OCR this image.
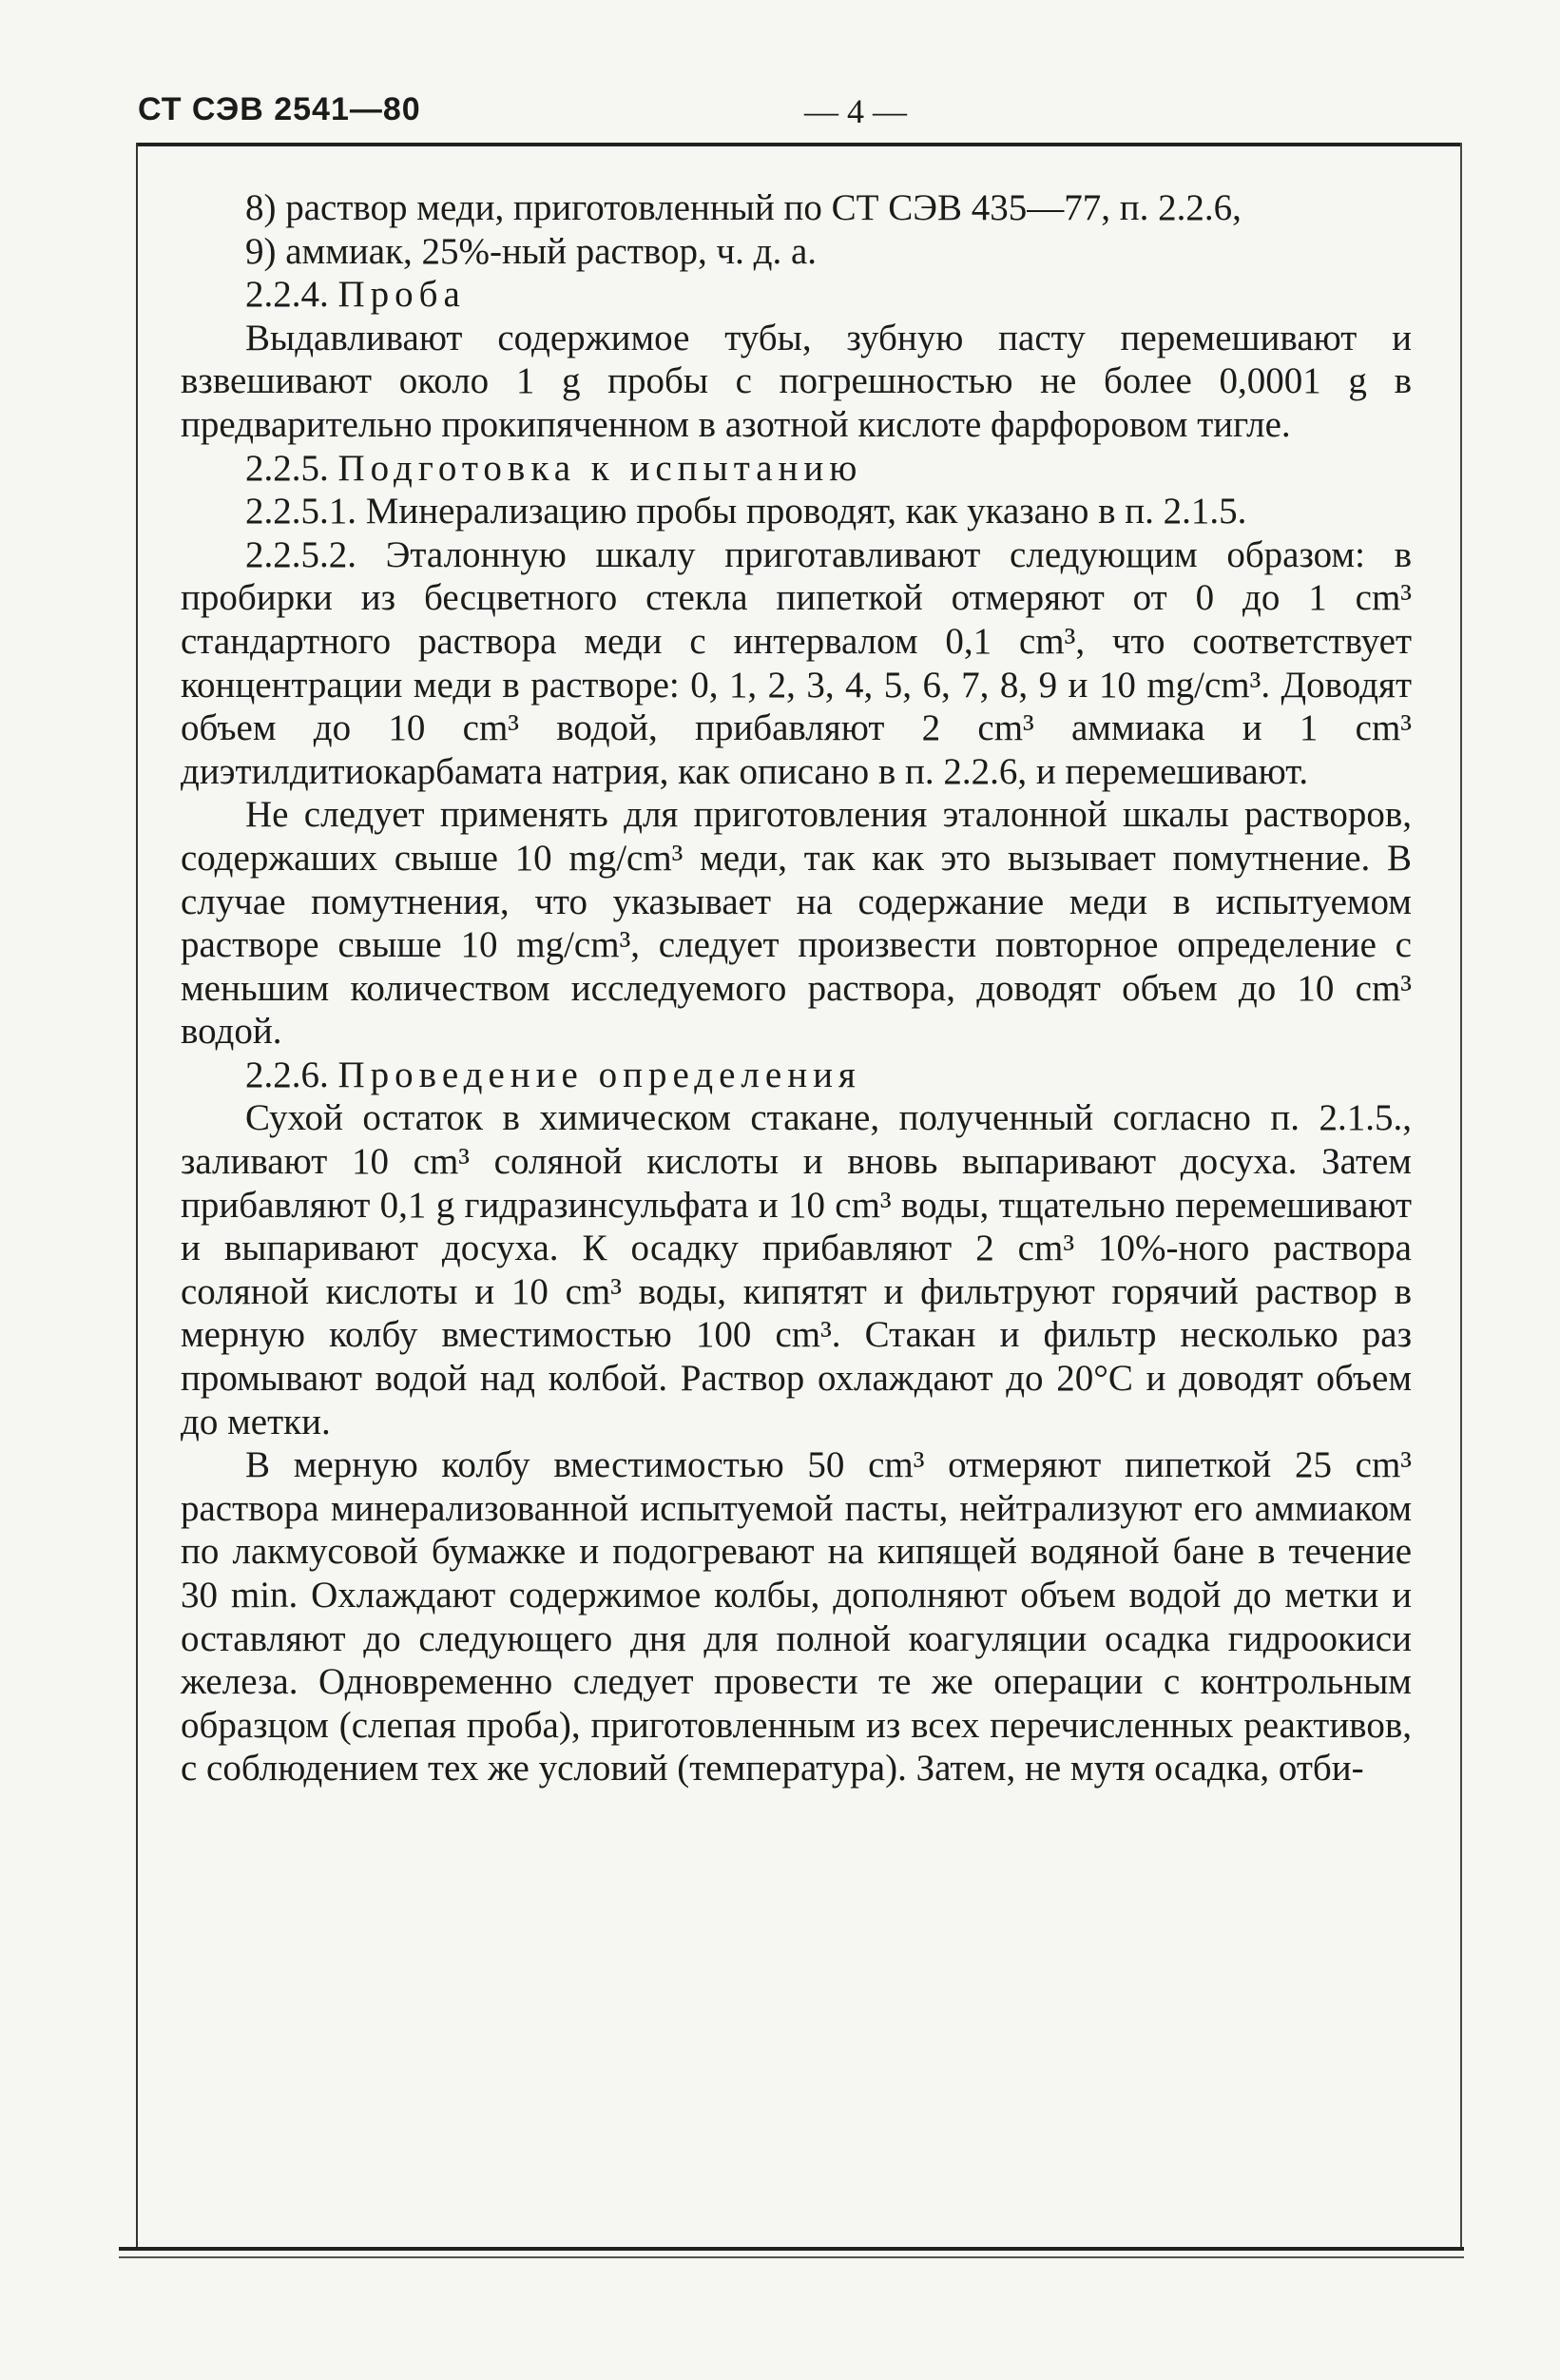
СТ СЭВ 2541—80	— 4 —

8) раствор меди, приготовленный по СТ СЭВ 435—77, п. 2.2.6,

9) аммиак, 25%-ный раствор, ч. д. а.

2.2.4. Проба

Выдавливают содержимое тубы, зубную пасту перемешивают и взвешивают около 1 g пробы с погрешностью не более 0,0001 g в предварительно прокипяченном в азотной кислоте фарфоровом тигле.

2.2.5. Подготовка к испытанию

2.2.5.1. Минерализацию пробы проводят, как указано в п. 2.1.5.

2.2.5.2. Эталонную шкалу приготавливают следующим образом: в пробирки из бесцветного стекла пипеткой отмеряют от 0 до 1 cm³ стандартного раствора меди с интервалом 0,1 cm³, что соответствует концентрации меди в растворе: 0, 1, 2, 3, 4, 5, 6, 7, 8, 9 и 10 mg/cm³. Доводят объем до 10 cm³ водой, прибавляют 2 cm³ аммиака и 1 cm³ диэтилдитиокарбамата натрия, как описано в п. 2.2.6, и перемешивают.

Не следует применять для приготовления эталонной шкалы растворов, содержаших свыше 10 mg/cm³ меди, так как это вызывает помутнение. В случае помутнения, что указывает на содержание меди в испытуемом растворе свыше 10 mg/cm³, следует произвести повторное определение с меньшим количеством исследуемого раствора, доводят объем до 10 cm³ водой.

2.2.6. Проведение определения

Сухой остаток в химическом стакане, полученный согласно п. 2.1.5., заливают 10 cm³ соляной кислоты и вновь выпаривают досуха. Затем прибавляют 0,1 g гидразинсульфата и 10 cm³ воды, тщательно перемешивают и выпаривают досуха. К осадку прибавляют 2 cm³ 10%-ного раствора соляной кислоты и 10 cm³ воды, кипятят и фильтруют горячий раствор в мерную колбу вместимостью 100 cm³. Стакан и фильтр несколько раз промывают водой над колбой. Раствор охлаждают до 20°С и доводят объем до метки.

В мерную колбу вместимостью 50 cm³ отмеряют пипеткой 25 cm³ раствора минерализованной испытуемой пасты, нейтрализуют его аммиаком по лакмусовой бумажке и подогревают на кипящей водяной бане в течение 30 min. Охлаждают содержимое колбы, дополняют объем водой до метки и оставляют до следующего дня для полной коагуляции осадка гидроокиси железа. Одновременно следует провести те же операции с контрольным образцом (слепая проба), приготовленным из всех перечисленных реактивов, с соблюдением тех же условий (температура). Затем, не мутя осадка, отби-
